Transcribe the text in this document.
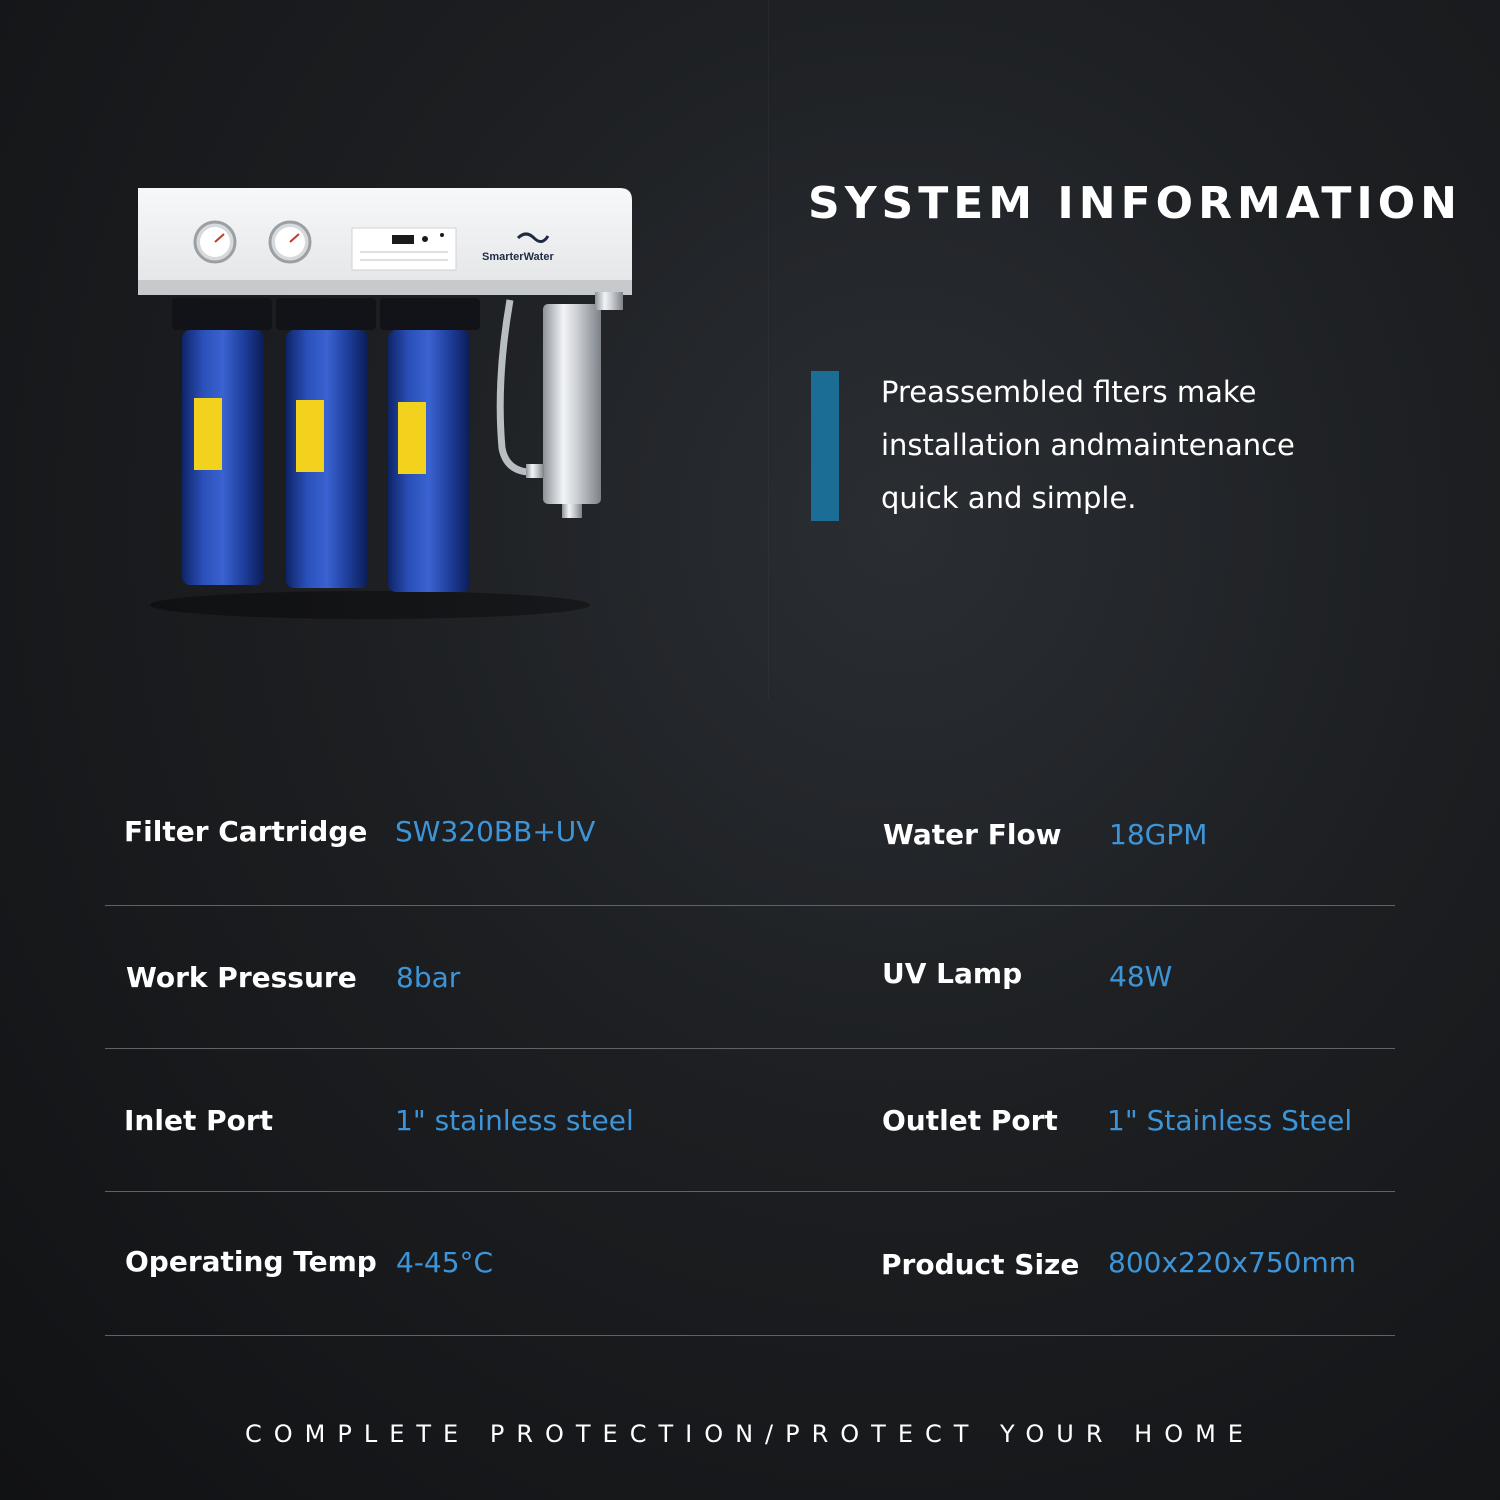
SmarterWater
SYSTEM INFORMATION
Preassembled flters make
installation andmaintenance
quick and simple.
Filter Cartridge SW320BB+UV	Water Flow 18GPM
Work Pressure 8bar	UV Lamp	48W
Inlet Port	1" stainless steel	Outlet Port 1" Stainless Steel
Operating Temp 4-45°C	Product Size 800x220x750mm
COMPLETE PROTECTION/PROTECT YOUR HOME
